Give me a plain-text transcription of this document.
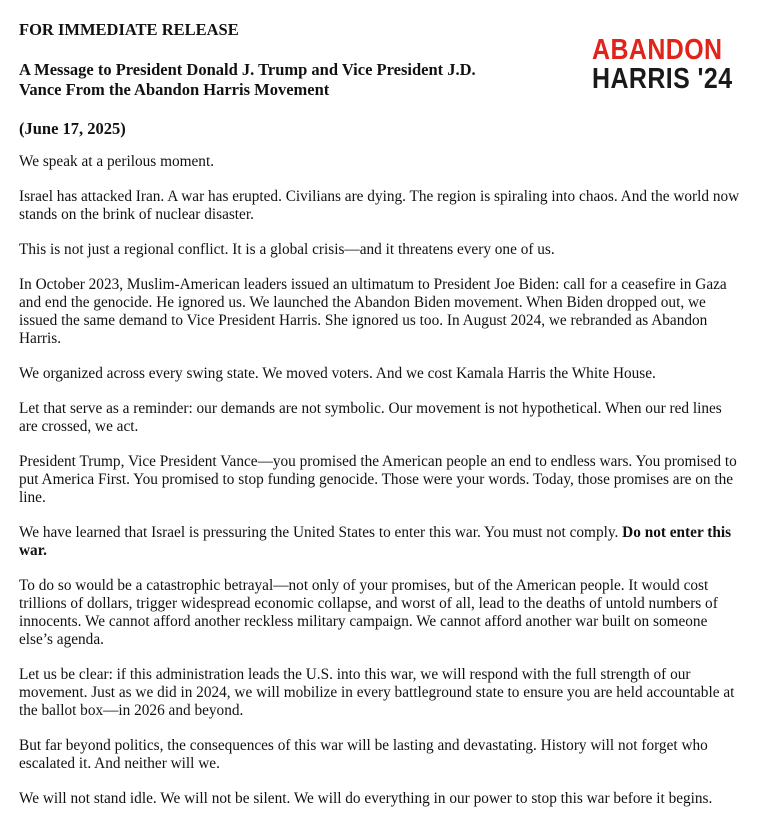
FOR IMMEDIATE RELEASE
A Message to President Donald J. Trump and Vice President J.D. Vance From the Abandon Harris Movement
(June 17, 2025)

We speak at a perilous moment.

Israel has attacked Iran. A war has erupted. Civilians are dying. The region is spiraling into chaos. And the world now stands on the brink of nuclear disaster.

This is not just a regional conflict. It is a global crisis—and it threatens every one of us.

In October 2023, Muslim-American leaders issued an ultimatum to President Joe Biden: call for a ceasefire in Gaza and end the genocide. He ignored us. We launched the Abandon Biden movement. When Biden dropped out, we issued the same demand to Vice President Harris. She ignored us too. In August 2024, we rebranded as Abandon Harris.

We organized across every swing state. We moved voters. And we cost Kamala Harris the White House.

Let that serve as a reminder: our demands are not symbolic. Our movement is not hypothetical. When our red lines are crossed, we act.

President Trump, Vice President Vance—you promised the American people an end to endless wars. You promised to put America First. You promised to stop funding genocide. Those were your words. Today, those promises are on the line.

We have learned that Israel is pressuring the United States to enter this war. You must not comply. Do not enter this war.

To do so would be a catastrophic betrayal—not only of your promises, but of the American people. It would cost trillions of dollars, trigger widespread economic collapse, and worst of all, lead to the deaths of untold numbers of innocents. We cannot afford another reckless military campaign. We cannot afford another war built on someone else’s agenda.

Let us be clear: if this administration leads the U.S. into this war, we will respond with the full strength of our movement. Just as we did in 2024, we will mobilize in every battleground state to ensure you are held accountable at the ballot box—in 2026 and beyond.

But far beyond politics, the consequences of this war will be lasting and devastating. History will not forget who escalated it. And neither will we.

We will not stand idle. We will not be silent. We will do everything in our power to stop this war before it begins.

ABANDON
HARRIS '24
